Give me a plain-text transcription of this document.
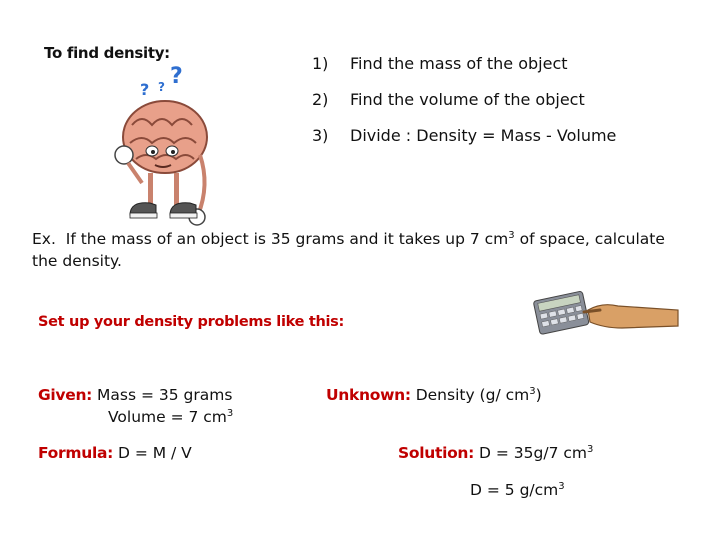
To find density:
?
? ?
1) Find the mass of the object
2) Find the volume of the object
3) Divide : Density = Mass - Volume
Ex. If the mass of an object is 35 grams and it takes up 7 $cm^3$ of space, calculate the density.
Set up your density problems like this:
Given: Mass = 35 grams
Volume = 7 $cm^3$
Unknown: Density (g/ $cm^3$)
Formula: D = M / V	Solution: D = 35g/7 $cm^3$
D = 5 $g/cm^3$
